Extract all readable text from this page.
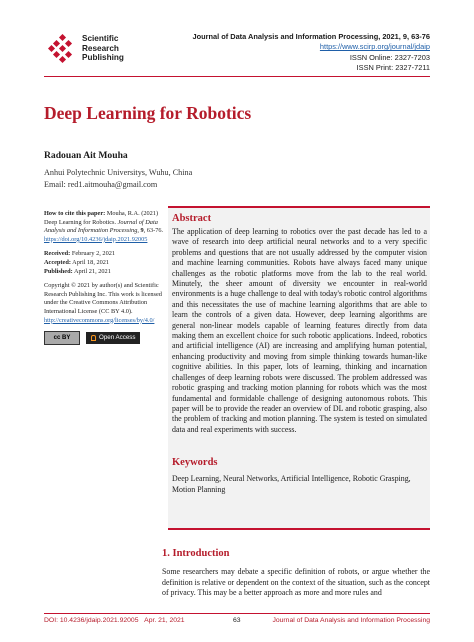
Scientific
Research
Publishing
Journal of Data Analysis and Information Processing, 2021, 9, 63-76
https://www.scirp.org/journal/jdaip
ISSN Online: 2327-7203
ISSN Print: 2327-7211
Deep Learning for Robotics
Radouan Ait Mouha
Anhui Polytechnic Universitys, Wuhu, China
Email: red1.aitmouha@gmail.com

How to cite this paper: Mouha, R.A. (2021) Deep Learning for Robotics. Journal of Data Analysis and Information Processing, 9, 63-76. https://doi.org/10.4236/jdaip.2021.92005

Received: February 2, 2021
Accepted: April 18, 2021
Published: April 21, 2021

Copyright © 2021 by author(s) and Scientific Research Publishing Inc. This work is licensed under the Creative Commons Attribution International License (CC BY 4.0).
http://creativecommons.org/licenses/by/4.0/

cc BY	Open Access
Abstract
The application of deep learning to robotics over the past decade has led to a wave of research into deep artificial neural networks and to a very specific problems and questions that are not usually addressed by the computer vision and machine learning communities. Robots have always faced many unique challenges as the robotic platforms move from the lab to the real world. Minutely, the sheer amount of diversity we encounter in real-world environments is a huge challenge to deal with today's robotic control algorithms and this necessitates the use of machine learning algorithms that are able to learn the controls of a given data. However, deep learning algorithms are general non-linear models capable of learning features directly from data making them an excellent choice for such robotic applications. Indeed, robotics and artificial intelligence (AI) are increasing and amplifying human potential, enhancing productivity and moving from simple thinking towards human-like cognitive abilities. In this paper, lots of learning, thinking and incarnation challenges of deep learning robots were discussed. The problem addressed was robotic grasping and tracking motion planning for robots which was the most fundamental and formidable challenge of designing autonomous robots. This paper will be to provide the reader an overview of DL and robotic grasping, also the problem of tracking and motion planning. The system is tested on simulated data and real experiments with success.
Keywords
Deep Learning, Neural Networks, Artificial Intelligence, Robotic Grasping, Motion Planning
1. Introduction
Some researchers may debate a specific definition of robots, or argue whether the definition is relative or dependent on the context of the situation, such as the concept of privacy. This may be a better approach as more and more rules and
DOI: 10.4236/jdaip.2021.92005 Apr. 21, 2021	63	Journal of Data Analysis and Information Processing
